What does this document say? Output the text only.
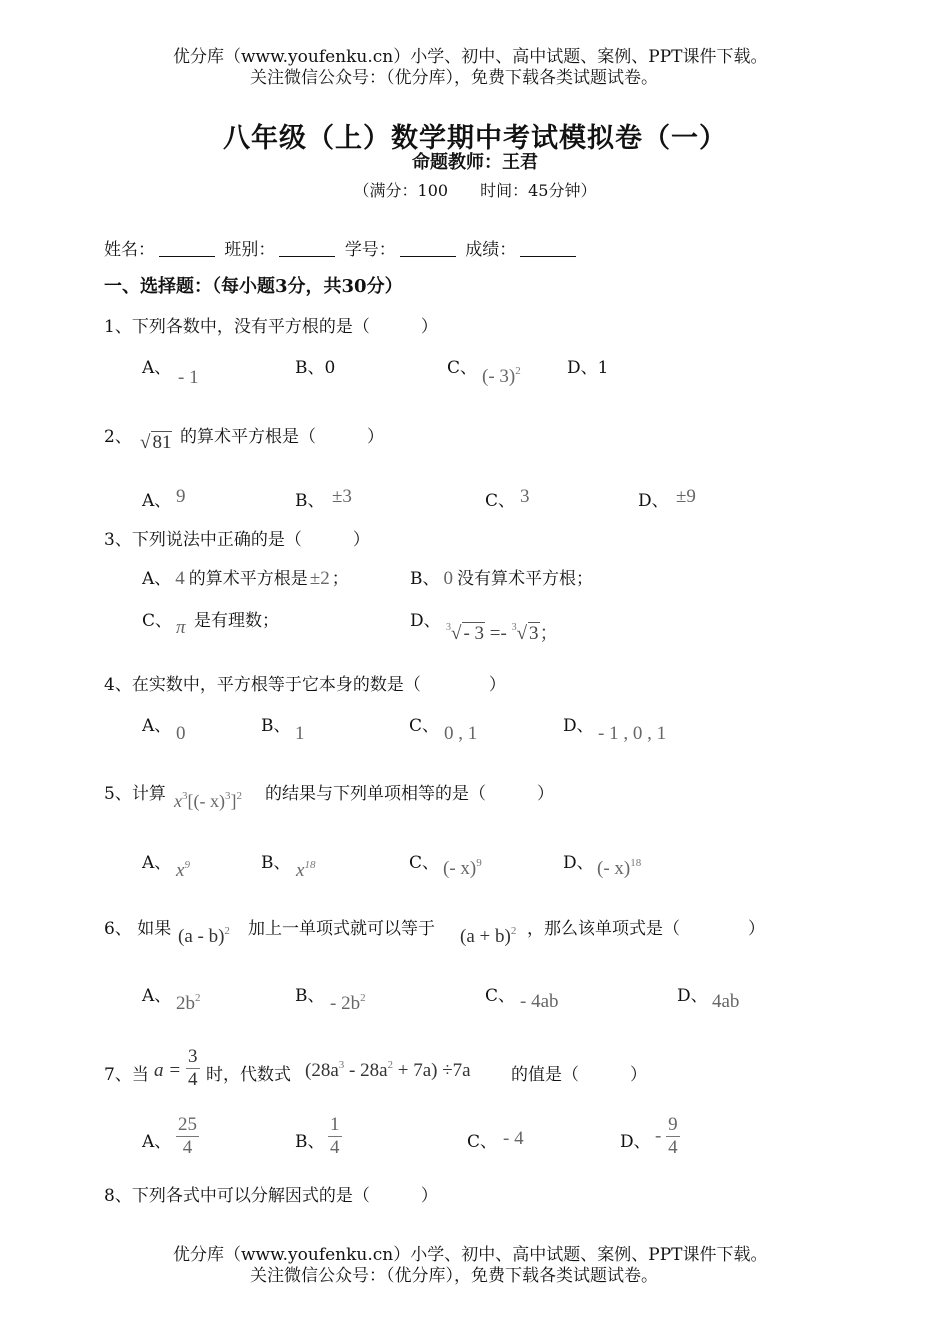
优分库（www.youfenku.cn）小学、初中、高中试题、案例、PPT课件下载。
关注微信公众号：（优分库），免费下载各类试题试卷。
八年级（上）数学期中考试模拟卷（一）
命题教师：王君
（满分：100　　时间：45分钟）
姓名：	班别：	学号：	成绩：
一、选择题：（每小题3分，共30分）
1、下列各数中，没有平方根的是（　　　）
A、 - 1	B、0	C、 (- 3)$^2$	D、1
2、 √ 81 的算术平方根是（　　　）
A、 9	B、 ±3	C、 3	D、 ±9
3、下列说法中正确的是（　　　）
A、 4 的算术平方根是 ±2 ；	B、 0 没有算术平方根；
C、 π 是有理数；	D、 $^3$√ - 3 =- $^3$√ 3；
4、在实数中，平方根等于它本身的数是（　　　　）
A、 0	B、 1	C、 0 , 1	D、 - 1 , 0 , 1
5、计算 $x^3[(-$ x)$^3$]$^2$ 的结果与下列单项相等的是（　　　）
A、 $x^9$	B、 $x^{18}$	C、 (- x)$^9$	D、 (- x)$^{18}$
6、 如果 (a - b)$^2$ 加上一单项式就可以等于 $(a + b)^2$ ，那么该单项式是（　　　　）
A、 $2b^2$	B、 - $2b^2$	C、 - 4ab	D、 4ab
7、当 $a = \frac{3}{4}$ 时，代数式 $(28a^3 - 28a^2 + 7a) \div 7a$ 的值是（　　　）
A、 $\frac{25}{4}$	B、 $\frac{1}{4}$	C、 - 4	D、 - $\frac{9}{4}$
8、下列各式中可以分解因式的是（　　　）
优分库（www.youfenku.cn）小学、初中、高中试题、案例、PPT课件下载。
关注微信公众号：（优分库），免费下载各类试题试卷。
